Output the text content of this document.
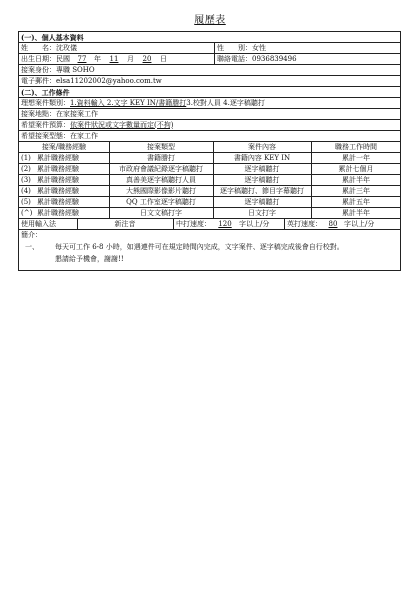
履歷表
(一)、個人基本資料
姓　　名： 沈玫儀	性　　別： 女性
出生日期：民國	77	年	11	月	20	日	聯絡電話： 0936839496
接案身份： 專職 SOHO
電子郵件： elsa11202002@yahoo.com.tw
(二)、工作條件
理想案件類別： 1.資料輸入 2.文字 KEY IN/書籍謄打 3.校對人員 4.逐字稿聽打
接案地點： 在家接案工作
希望案件預算： 依案件狀況或文字數量而定(不拘)
希望接案型態： 在家工作
接案/職務經驗	接案類型	案件內容	職務工作時間
(1) 累計職務經驗	書籍謄打	書籍內容 KEY IN	累計一年
(2) 累計職務經驗	市政府會議紀錄逐字稿聽打	逐字稿聽打	累計七個月
(3) 累計職務經驗	真善美逐字稿聽打人員	逐字稿聽打	累計半年
(4) 累計職務經驗	大熊國際影像影片聽打	逐字稿聽打、節目字幕聽打	累計三年
(5) 累計職務經驗	QQ 工作室逐字稿聽打	逐字稿聽打	累計五年
(^) 累計職務經驗	日文文稿打字	日文打字	累計半年
使用輸入法	新注音	中打速度：	120	字以上/分	英打速度： 80 字以上/分
簡介：
一、 每天可工作 6-8 小時，如遇連件可在規定時間內完成，文字案件、逐字稿完成後會自行校對。
懇請給予機會，謝謝!!
